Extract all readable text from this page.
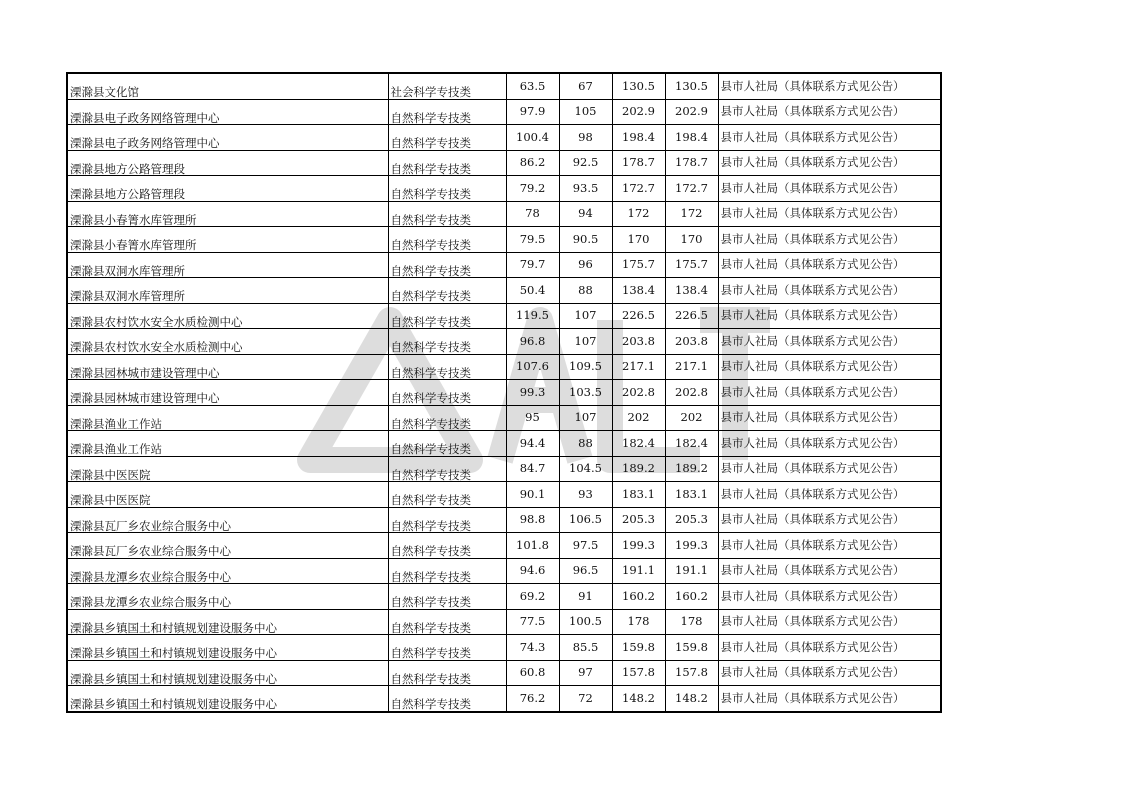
溧滁县文化馆	社会科学专技类	63.5	67	130.5	130.5	县市人社局（具体联系方式见公告）
溧滁县电子政务网络管理中心	自然科学专技类	97.9	105	202.9	202.9	县市人社局（具体联系方式见公告）
溧滁县电子政务网络管理中心	自然科学专技类	100.4	98	198.4	198.4	县市人社局（具体联系方式见公告）
溧滁县地方公路管理段	自然科学专技类	86.2	92.5	178.7	178.7	县市人社局（具体联系方式见公告）
溧滁县地方公路管理段	自然科学专技类	79.2	93.5	172.7	172.7	县市人社局（具体联系方式见公告）
溧滁县小春箐水库管理所	自然科学专技类	78	94	172	172	县市人社局（具体联系方式见公告）
溧滁县小春箐水库管理所	自然科学专技类	79.5	90.5	170	170	县市人社局（具体联系方式见公告）
溧滁县双洞水库管理所	自然科学专技类	79.7	96	175.7	175.7	县市人社局（具体联系方式见公告）
溧滁县双洞水库管理所	自然科学专技类	50.4	88	138.4	138.4	县市人社局（具体联系方式见公告）
溧滁县农村饮水安全水质检测中心	自然科学专技类	119.5	107	226.5	226.5	县市人社局（具体联系方式见公告）
溧滁县农村饮水安全水质检测中心	自然科学专技类	96.8	107	203.8	203.8	县市人社局（具体联系方式见公告）
溧滁县园林城市建设管理中心	自然科学专技类	107.6	109.5	217.1	217.1	县市人社局（具体联系方式见公告）
溧滁县园林城市建设管理中心	自然科学专技类	99.3	103.5	202.8	202.8	县市人社局（具体联系方式见公告）
溧滁县渔业工作站	自然科学专技类	95	107	202	202	县市人社局（具体联系方式见公告）
溧滁县渔业工作站	自然科学专技类	94.4	88	182.4	182.4	县市人社局（具体联系方式见公告）
溧滁县中医医院	自然科学专技类	84.7	104.5	189.2	189.2	县市人社局（具体联系方式见公告）
溧滁县中医医院	自然科学专技类	90.1	93	183.1	183.1	县市人社局（具体联系方式见公告）
溧滁县瓦厂乡农业综合服务中心	自然科学专技类	98.8	106.5	205.3	205.3	县市人社局（具体联系方式见公告）
溧滁县瓦厂乡农业综合服务中心	自然科学专技类	101.8	97.5	199.3	199.3	县市人社局（具体联系方式见公告）
溧滁县龙潭乡农业综合服务中心	自然科学专技类	94.6	96.5	191.1	191.1	县市人社局（具体联系方式见公告）
溧滁县龙潭乡农业综合服务中心	自然科学专技类	69.2	91	160.2	160.2	县市人社局（具体联系方式见公告）
溧滁县乡镇国土和村镇规划建设服务中心	自然科学专技类	77.5	100.5	178	178	县市人社局（具体联系方式见公告）
溧滁县乡镇国土和村镇规划建设服务中心	自然科学专技类	74.3	85.5	159.8	159.8	县市人社局（具体联系方式见公告）
溧滁县乡镇国土和村镇规划建设服务中心	自然科学专技类	60.8	97	157.8	157.8	县市人社局（具体联系方式见公告）
溧滁县乡镇国土和村镇规划建设服务中心	自然科学专技类	76.2	72	148.2	148.2	县市人社局（具体联系方式见公告）
